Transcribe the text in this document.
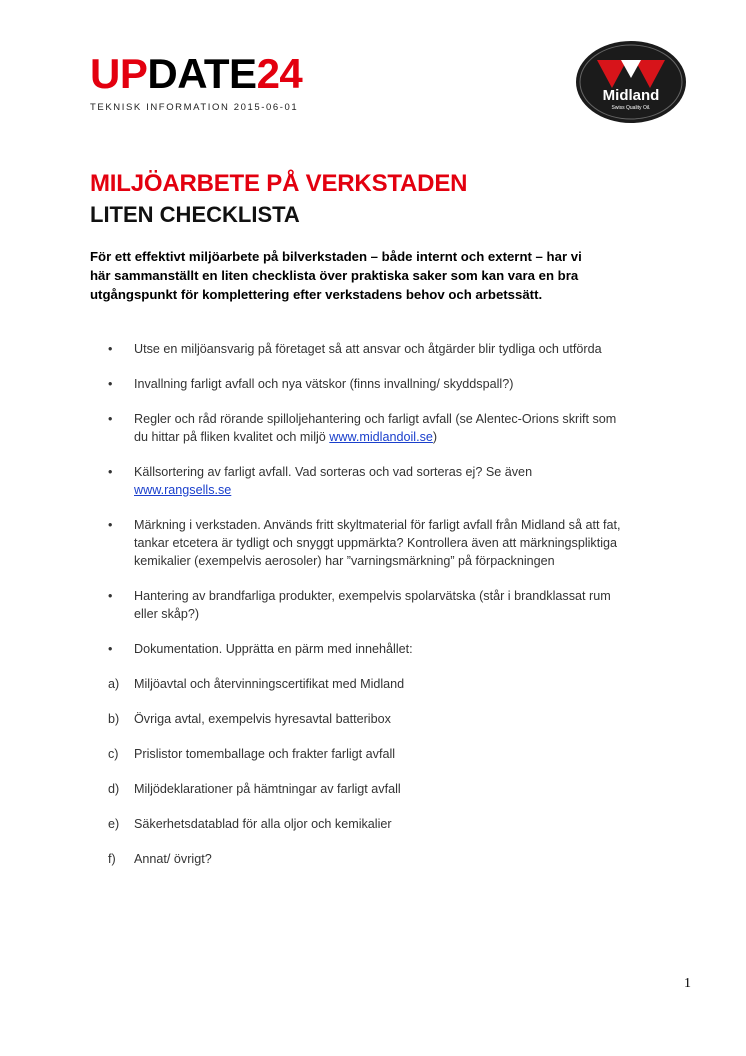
UPDATE24
TEKNISK INFORMATION 2015-06-01
Midland
Swiss Quality Oil.
MILJÖARBETE PÅ VERKSTADEN
LITEN CHECKLISTA
För ett effektivt miljöarbete på bilverkstaden – både internt och externt – har vi här sammanställt en liten checklista över praktiska saker som kan vara en bra utgångspunkt för komplettering efter verkstadens behov och arbetssätt.
•
Utse en miljöansvarig på företaget så att ansvar och åtgärder blir tydliga och utförda
•
Invallning farligt avfall och nya vätskor (finns invallning/ skyddspall?)
•
Regler och råd rörande spilloljehantering och farligt avfall (se Alentec-Orions skrift som du hittar på fliken kvalitet och miljö www.midlandoil.se)
•
Källsortering av farligt avfall. Vad sorteras och vad sorteras ej? Se även
www.rangsells.se
•
Märkning i verkstaden. Används fritt skyltmaterial för farligt avfall från Midland så att fat, tankar etcetera är tydligt och snyggt uppmärkta? Kontrollera även att märkningspliktiga kemikalier (exempelvis aerosoler) har ”varningsmärkning” på förpackningen
•
Hantering av brandfarliga produkter, exempelvis spolarvätska (står i brandklassat rum eller skåp?)
•
Dokumentation. Upprätta en pärm med innehållet:
a)	Miljöavtal och återvinningscertifikat med Midland
b)	Övriga avtal, exempelvis hyresavtal batteribox
c)	Prislistor tomemballage och frakter farligt avfall
d)	Miljödeklarationer på hämtningar av farligt avfall
e)	Säkerhetsdatablad för alla oljor och kemikalier
f)	Annat/ övrigt?
1
